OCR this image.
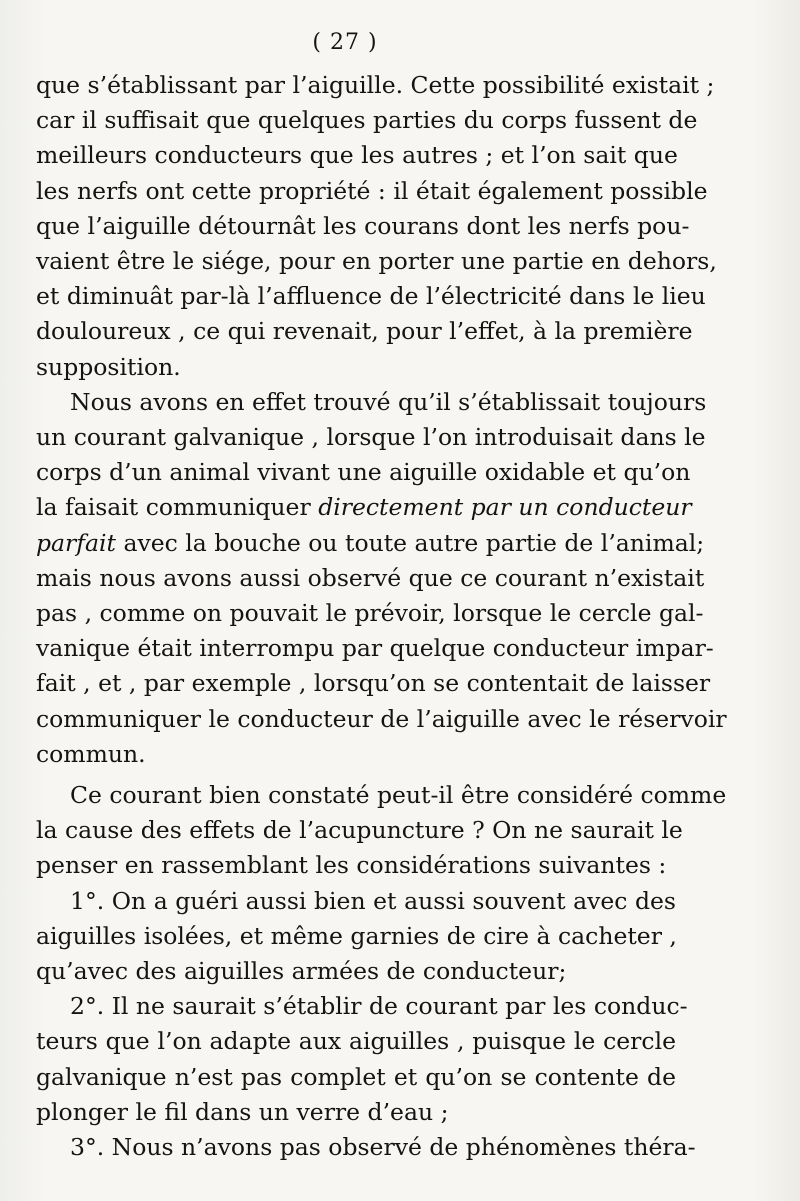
( 27 )
que s’établissant par l’aiguille. Cette possibilité existait ;
car il suffisait que quelques parties du corps fussent de
meilleurs conducteurs que les autres ; et l’on sait que
les nerfs ont cette propriété : il était également possible
que l’aiguille détournât les courans dont les nerfs pou-
vaient être le siége, pour en porter une partie en dehors,
et diminuât par-là l’affluence de l’électricité dans le lieu
douloureux , ce qui revenait, pour l’effet, à la première
supposition.
Nous avons en effet trouvé qu’il s’établissait toujours
un courant galvanique , lorsque l’on introduisait dans le
corps d’un animal vivant une aiguille oxidable et qu’on
la faisait communiquer directement par un conducteur
parfait avec la bouche ou toute autre partie de l’animal;
mais nous avons aussi observé que ce courant n’existait
pas , comme on pouvait le prévoir, lorsque le cercle gal-
vanique était interrompu par quelque conducteur impar-
fait , et , par exemple , lorsqu’on se contentait de laisser
communiquer le conducteur de l’aiguille avec le réservoir
commun.
Ce courant bien constaté peut-il être considéré comme
la cause des effets de l’acupuncture ? On ne saurait le
penser en rassemblant les considérations suivantes :
1°. On a guéri aussi bien et aussi souvent avec des
aiguilles isolées, et même garnies de cire à cacheter ,
qu’avec des aiguilles armées de conducteur;
2°. Il ne saurait s’établir de courant par les conduc-
teurs que l’on adapte aux aiguilles , puisque le cercle
galvanique n’est pas complet et qu’on se contente de
plonger le fil dans un verre d’eau ;
3°. Nous n’avons pas observé de phénomènes théra-
